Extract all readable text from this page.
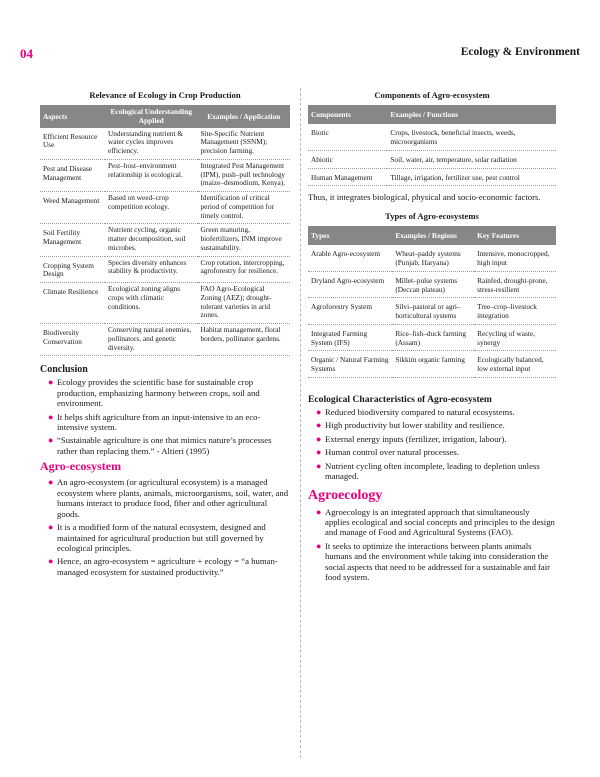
04	Ecology & Environment
Relevance of Ecology in Crop Production
Aspects	Ecological Understanding Applied	Examples / Application
Efficient Resource Use	Understanding nutrient & water cycles improves efficiency.	Site-Specific Nutrient Management (SSNM); precision farming.
Pest and Disease Management	Pest–host–environment relationship is ecological.	Integrated Pest Management (IPM), push–pull technology (maize–desmodium, Kenya).
Weed Management	Based on weed–crop competition ecology.	Identification of critical period of competition for timely control.
Soil Fertility Management	Nutrient cycling, organic matter decomposition, soil microbes.	Green manuring, biofertilizers, INM improve sustainability.
Cropping System Design	Species diversity enhances stability & productivity.	Crop rotation, intercropping, agroforestry for resilience.
Climate Resilience	Ecological zoning aligns crops with climatic conditions.	FAO Agro-Ecological Zoning (AEZ); drought-tolerant varieties in arid zones.
Biodiversity Conservation	Conserving natural enemies, pollinators, and genetic diversity.	Habitat management, floral borders, pollinator gardens.
Conclusion
● Ecology provides the scientific base for sustainable crop production, emphasizing harmony between crops, soil and environment.
● It helps shift agriculture from an input-intensive to an eco-intensive system.
● “Sustainable agriculture is one that mimics nature’s processes rather than replacing them.” - Altieri (1995)
Agro-ecosystem
● An agro-ecosystem (or agricultural ecosystem) is a managed ecosystem where plants, animals, microorganisms, soil, water, and humans interact to produce food, fiber and other agricultural goods.
● It is a modified form of the natural ecosystem, designed and maintained for agricultural production but still governed by ecological principles.
● Hence, an agro-ecosystem = agriculture + ecology = “a human-managed ecosystem for sustained productivity.”
Components of Agro-ecosystem
Components	Examples / Functions
Biotic	Crops, livestock, beneficial insects, weeds, microorganisms
Abiotic	Soil, water, air, temperature, solar radiation
Human Management	Tillage, irrigation, fertilizer use, pest control

Thus, it integrates biological, physical and socio-economic factors.

Types of Agro-ecosystems
Types	Examples / Regions	Key Features
Arable Agro-ecosystem	Wheat–paddy systems (Punjab, Haryana)	Intensive, monocropped, high input
Dryland Agro-ecosystem	Millet–pulse systems (Deccan plateau)	Rainfed, drought-prone, stress-resilient
Agroforestry System	Silvi–pastoral or agri–horticultural systems	Tree–crop–livestock integration
Integrated Farming System (IFS)	Rice–fish–duck farming (Assam)	Recycling of waste, synergy
Organic / Natural Farming Systems	Sikkim organic farming	Ecologically balanced, low external input
Ecological Characteristics of Agro-ecosystem
● Reduced biodiversity compared to natural ecosystems.
● High productivity but lower stability and resilience.
● External energy inputs (fertilizer, irrigation, labour).
● Human control over natural processes.
● Nutrient cycling often incomplete, leading to depletion unless managed.
Agroecology
● Agroecology is an integrated approach that simultaneously applies ecological and social concepts and principles to the design and manage of Food and Agricultural Systems (FAO).
● It seeks to optimize the interactions between plants animals humans and the environment while taking into consideration the social aspects that need to be addressed for a sustainable and fair food system.
